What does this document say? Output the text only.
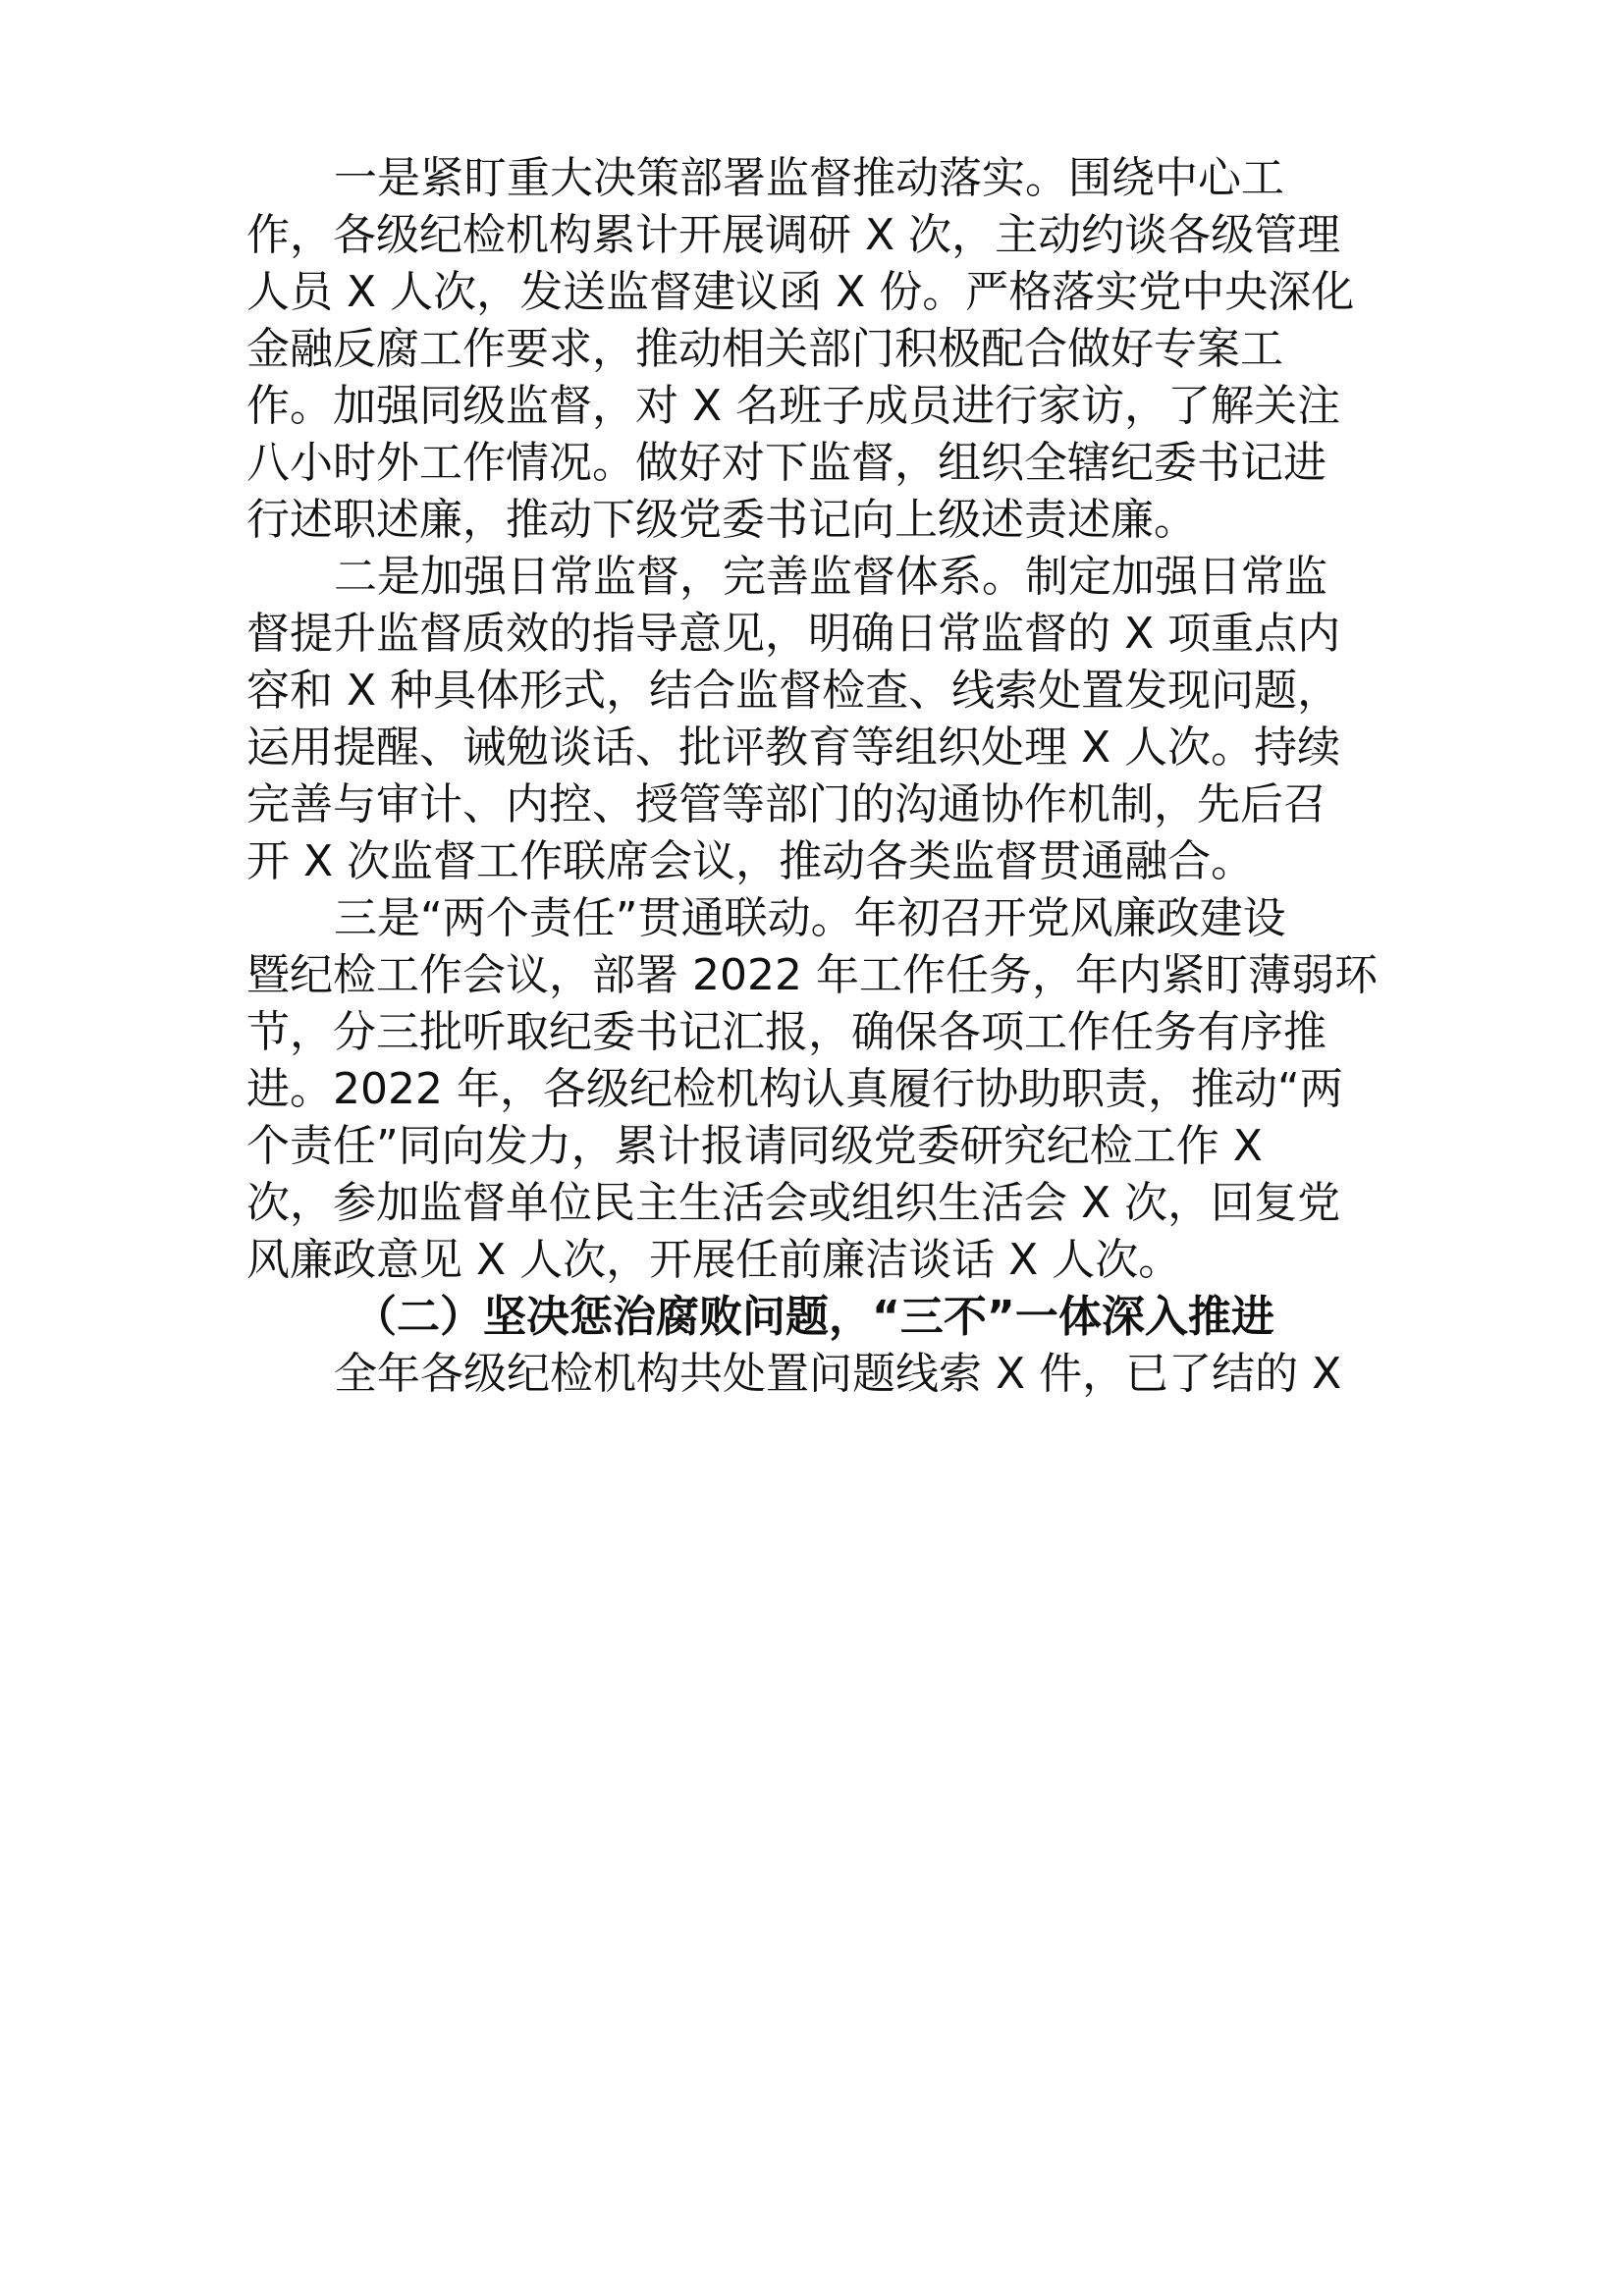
一是紧盯重大决策部署监督推动落实。围绕中心工
作，各级纪检机构累计开展调研 X 次，主动约谈各级管理
人员 X 人次，发送监督建议函 X 份。严格落实党中央深化
金融反腐工作要求，推动相关部门积极配合做好专案工
作。加强同级监督，对 X 名班子成员进行家访，了解关注
八小时外工作情况。做好对下监督，组织全辖纪委书记进
行述职述廉，推动下级党委书记向上级述责述廉。
二是加强日常监督，完善监督体系。制定加强日常监
督提升监督质效的指导意见，明确日常监督的 X 项重点内
容和 X 种具体形式，结合监督检查、线索处置发现问题，
运用提醒、诫勉谈话、批评教育等组织处理 X 人次。持续
完善与审计、内控、授管等部门的沟通协作机制，先后召
开 X 次监督工作联席会议，推动各类监督贯通融合。
三是“两个责任”贯通联动。年初召开党风廉政建设
暨纪检工作会议，部署 2022 年工作任务，年内紧盯薄弱环
节，分三批听取纪委书记汇报，确保各项工作任务有序推
进。2022 年，各级纪检机构认真履行协助职责，推动“两
个责任”同向发力，累计报请同级党委研究纪检工作 X
次，参加监督单位民主生活会或组织生活会 X 次，回复党
风廉政意见 X 人次，开展任前廉洁谈话 X 人次。
（二）坚决惩治腐败问题，“三不”一体深入推进
全年各级纪检机构共处置问题线索 X 件，已了结的 X
